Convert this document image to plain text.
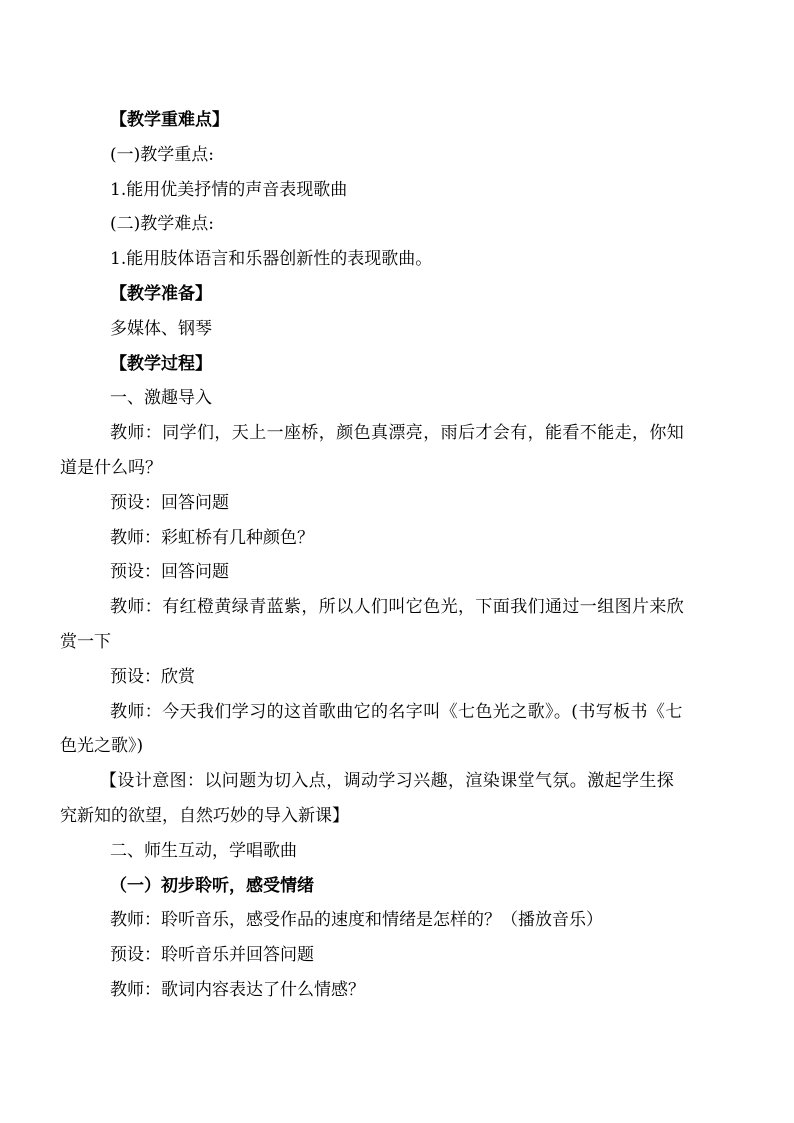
【教学重难点】
(一)教学重点:
1.能用优美抒情的声音表现歌曲
(二)教学难点:
1.能用肢体语言和乐器创新性的表现歌曲。
【教学准备】
多媒体、钢琴
【教学过程】
一、激趣导入
教师：同学们，天上一座桥，颜色真漂亮，雨后才会有，能看不能走，你知
道是什么吗？
预设：回答问题
教师：彩虹桥有几种颜色？
预设：回答问题
教师：有红橙黄绿青蓝紫，所以人们叫它色光，下面我们通过一组图片来欣
赏一下
预设：欣赏
教师：今天我们学习的这首歌曲它的名字叫《七色光之歌》。(书写板书《七
色光之歌》)
【设计意图：以问题为切入点，调动学习兴趣，渲染课堂气氛。激起学生探
究新知的欲望，自然巧妙的导入新课】
二、师生互动，学唱歌曲
（一）初步聆听，感受情绪
教师：聆听音乐，感受作品的速度和情绪是怎样的？（播放音乐）
预设：聆听音乐并回答问题
教师：歌词内容表达了什么情感？
